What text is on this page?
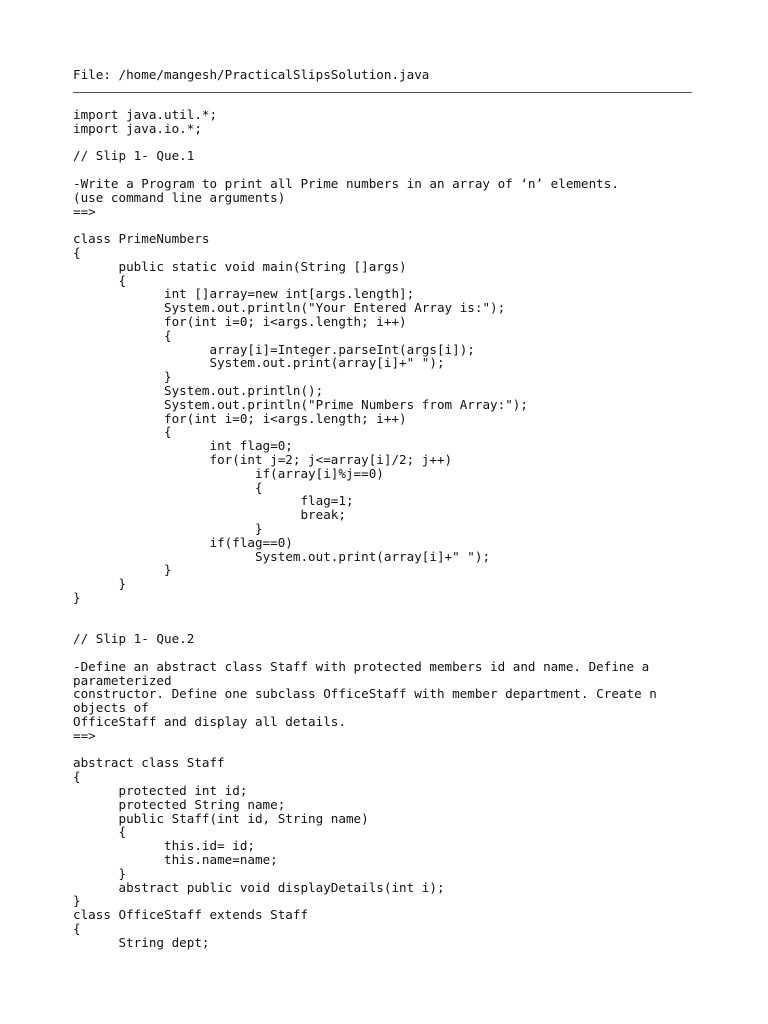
File: /home/mangesh/PracticalSlipsSolution.java
import java.util.*;
import java.io.*;

// Slip 1- Que.1

-Write a Program to print all Prime numbers in an array of ‘n’ elements.
(use command line arguments)
==>

class PrimeNumbers
{
	public static void main(String []args)
	{
		int []array=new int[args.length];
		System.out.println("Your Entered Array is:");
		for(int i=0; i<args.length; i++)
		{
			array[i]=Integer.parseInt(args[i]);
			System.out.print(array[i]+" ");
		}
		System.out.println();
		System.out.println("Prime Numbers from Array:");
		for(int i=0; i<args.length; i++)
		{
			int flag=0;
			for(int j=2; j<=array[i]/2; j++)
				if(array[i]%j==0)
				{
					flag=1;
					break;
				}
			if(flag==0)
				System.out.print(array[i]+" ");
		}
	}
}

// Slip 1- Que.2

-Define an abstract class Staff with protected members id and name. Define a
parameterized
constructor. Define one subclass OfficeStaff with member department. Create n
objects of
OfficeStaff and display all details.
==>

abstract class Staff
{
	protected int id;
	protected String name;
	public Staff(int id, String name)
	{
		this.id= id;
		this.name=name;
	}
	abstract public void displayDetails(int i);
}
class OfficeStaff extends Staff
{
	String dept;
